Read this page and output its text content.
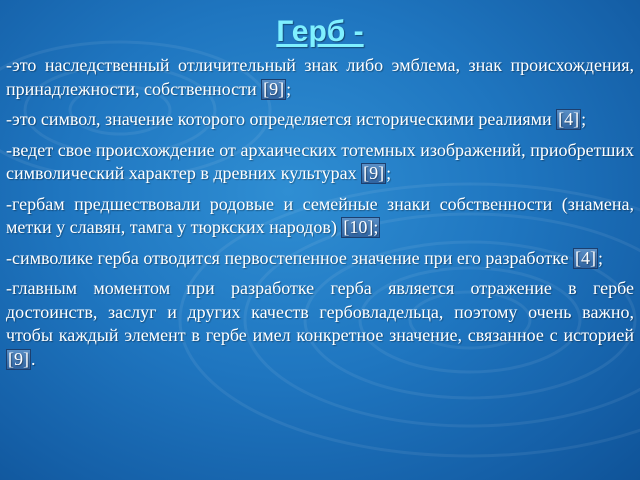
Герб -

-это наследственный отличительный знак либо эмблема, знак происхождения, принадлежности, собственности [9] ;

-это символ, значение которого определяется историческими реалиями [4] ;

-ведет свое происхождение от архаических тотемных изображений, приобретших символический характер в древних культурах [9] ;

-гербам предшествовали родовые и семейные знаки собственности (знамена, метки у славян, тамга у тюркских народов) [10];

-символике герба отводится первостепенное значение при его разработке [4] ;

-главным моментом при разработке герба является отражение в гербе достоинств, заслуг и других качеств гербовладельца, поэтому очень важно, чтобы каждый элемент в гербе имел конкретное значение, связанное с историей [9] .
